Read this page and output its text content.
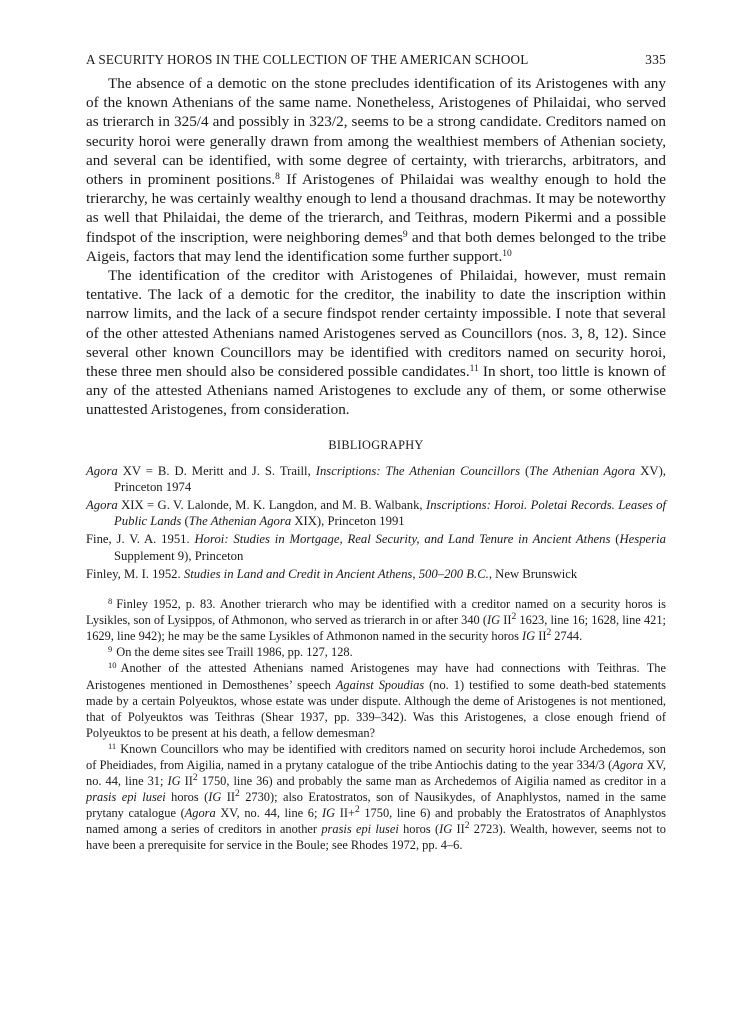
A SECURITY HOROS IN THE COLLECTION OF THE AMERICAN SCHOOL	335

The absence of a demotic on the stone precludes identification of its Aristogenes with any of the known Athenians of the same name. Nonetheless, Aristogenes of Philaidai, who served as trierarch in 325/4 and possibly in 323/2, seems to be a strong candidate. Creditors named on security horoi were generally drawn from among the wealthiest members of Athenian society, and several can be identified, with some degree of certainty, with trierarchs, arbitrators, and others in prominent positions.$^8$ If Aristogenes of Philaidai was wealthy enough to hold the trierarchy, he was certainly wealthy enough to lend a thousand drachmas. It may be noteworthy as well that Philaidai, the deme of the trierarch, and Teithras, modern Pikermi and a possible findspot of the inscription, were neighboring demes$^9$ and that both demes belonged to the tribe Aigeis, factors that may lend the identification some further support.$^{10}$

The identification of the creditor with Aristogenes of Philaidai, however, must remain tentative. The lack of a demotic for the creditor, the inability to date the inscription within narrow limits, and the lack of a secure findspot render certainty impossible. I note that several of the other attested Athenians named Aristogenes served as Councillors (nos. 3, 8, 12). Since several other known Councillors may be identified with creditors named on security horoi, these three men should also be considered possible candidates.$^{11}$ In short, too little is known of any of the attested Athenians named Aristogenes to exclude any of them, or some otherwise unattested Aristogenes, from consideration.

BIBLIOGRAPHY

Agora XV = B. D. Meritt and J. S. Traill, Inscriptions: The Athenian Councillors (The Athenian Agora XV), Princeton 1974

Agora XIX = G. V. Lalonde, M. K. Langdon, and M. B. Walbank, Inscriptions: Horoi. Poletai Records. Leases of Public Lands (The Athenian Agora XIX), Princeton 1991

Fine, J. V. A. 1951. Horoi: Studies in Mortgage, Real Security, and Land Tenure in Ancient Athens (Hesperia Supplement 9), Princeton

Finley, M. I. 1952. Studies in Land and Credit in Ancient Athens, 500–200 B.C., New Brunswick

$^8$ Finley 1952, p. 83. Another trierarch who may be identified with a creditor named on a security horos is Lysikles, son of Lysippos, of Athmonon, who served as trierarch in or after 340 (IG $II^2$ 1623, line 16; 1628, line 421; 1629, line 942); he may be the same Lysikles of Athmonon named in the security horos IG $II^2$ 2744.

$^9$ On the deme sites see Traill 1986, pp. 127, 128.

$^{10}$ Another of the attested Athenians named Aristogenes may have had connections with Teithras. The Aristogenes mentioned in Demosthenes’ speech Against Spoudias (no. 1) testified to some death-bed statements made by a certain Polyeuktos, whose estate was under dispute. Although the deme of Aristogenes is not mentioned, that of Polyeuktos was Teithras (Shear 1937, pp. 339–342). Was this Aristogenes, a close enough friend of Polyeuktos to be present at his death, a fellow demesman?

$^{11}$ Known Councillors who may be identified with creditors named on security horoi include Archedemos, son of Pheidiades, from Aigilia, named in a prytany catalogue of the tribe Antiochis dating to the year 334/3 (Agora XV, no. 44, line 31; IG $II^2$ 1750, line 36) and probably the same man as Archedemos of Aigilia named as creditor in a prasis epi lusei horos (IG $II^2$ 2730); also Eratostratos, son of Nausikydes, of Anaphlystos, named in the same prytany catalogue (Agora XV, no. 44, line 6; IG II+$^2$ 1750, line 6) and probably the Eratostratos of Anaphlystos named among a series of creditors in another prasis epi lusei horos (IG $II^2$ 2723). Wealth, however, seems not to have been a prerequisite for service in the Boule; see Rhodes 1972, pp. 4–6.
